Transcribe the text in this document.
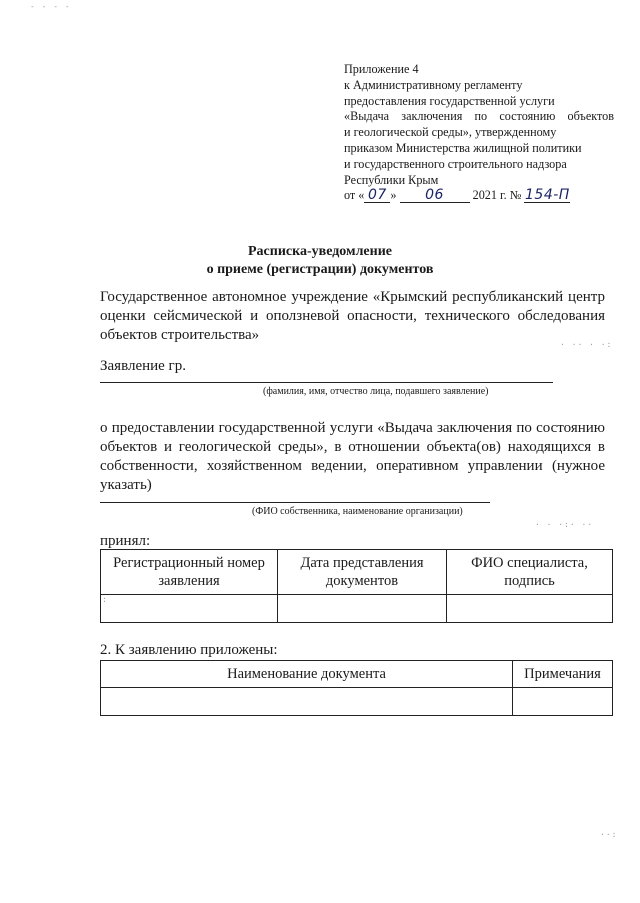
Приложение 4
к Административному регламенту
предоставления государственной услуги
«Выдача заключения по состоянию объектов
и геологической среды», утвержденному
приказом Министерства жилищной политики
и государственного строительного надзора
Республики Крым
от « 07 » 06 2021 г. № 154-П
Расписка-уведомление
о приеме (регистрации) документов
Государственное автономное учреждение «Крымский республиканский центр оценки сейсмической и оползневой опасности, технического обследования объектов строительства»
Заявление гр.
(фамилия, имя, отчество лица, подавшего заявление)
о предоставлении государственной услуги «Выдача заключения по состоянию объектов и геологической среды», в отношении объекта(ов) находящихся в собственности, хозяйственном ведении, оперативном управлении (нужное указать)
(ФИО собственника, наименование организации)
принял:
Регистрационный номер заявления	Дата представления документов	ФИО специалиста, подпись

2. К заявлению приложены:
Наименование документа	Примечания

- - - -
· ·· · ·:
· · ·:· ··
:
··:
